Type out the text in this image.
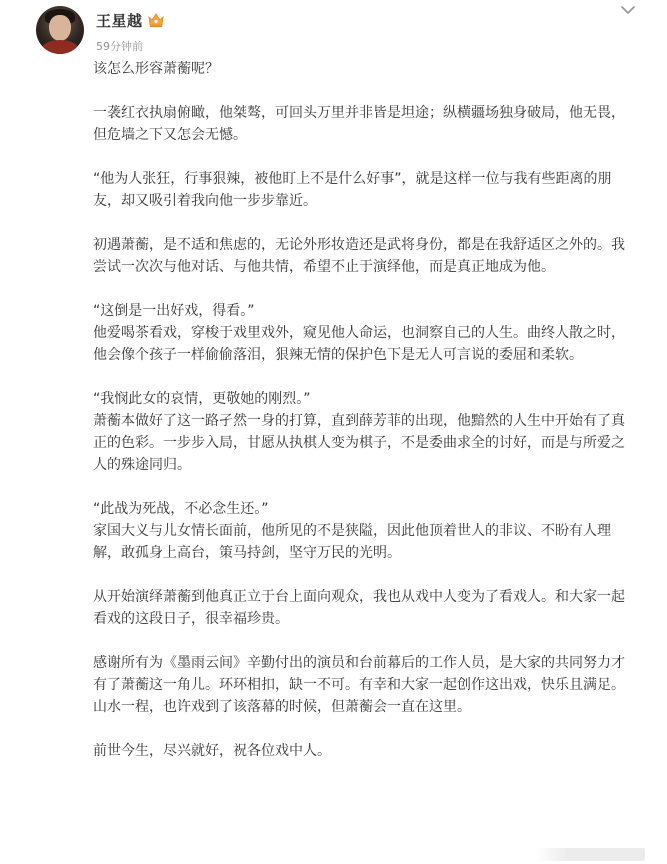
王星越
59分钟前

该怎么形容萧蘅呢？

一袭红衣执扇俯瞰，他桀骜，可回头万里并非皆是坦途；纵横疆场独身破局，他无畏，
但危墙之下又怎会无憾。

“他为人张狂，行事狠辣，被他盯上不是什么好事”，就是这样一位与我有些距离的朋
友，却又吸引着我向他一步步靠近。

初遇萧蘅，是不适和焦虑的，无论外形妆造还是武将身份，都是在我舒适区之外的。我
尝试一次次与他对话、与他共情，希望不止于演绎他，而是真正地成为他。

“这倒是一出好戏，得看。”
他爱喝茶看戏，穿梭于戏里戏外，窥见他人命运，也洞察自己的人生。曲终人散之时，
他会像个孩子一样偷偷落泪，狠辣无情的保护色下是无人可言说的委屈和柔软。

“我悯此女的哀情，更敬她的刚烈。”
萧蘅本做好了这一路孑然一身的打算，直到薛芳菲的出现，他黯然的人生中开始有了真
正的色彩。一步步入局，甘愿从执棋人变为棋子，不是委曲求全的讨好，而是与所爱之
人的殊途同归。

“此战为死战，不必念生还。”
家国大义与儿女情长面前，他所见的不是狭隘，因此他顶着世人的非议、不盼有人理
解，敢孤身上高台，策马持剑，坚守万民的光明。

从开始演绎萧蘅到他真正立于台上面向观众，我也从戏中人变为了看戏人。和大家一起
看戏的这段日子，很幸福珍贵。

感谢所有为《墨雨云间》辛勤付出的演员和台前幕后的工作人员，是大家的共同努力才
有了萧蘅这一角儿。环环相扣，缺一不可。有幸和大家一起创作这出戏，快乐且满足。
山水一程，也许戏到了该落幕的时候，但萧蘅会一直在这里。

前世今生，尽兴就好，祝各位戏中人。
